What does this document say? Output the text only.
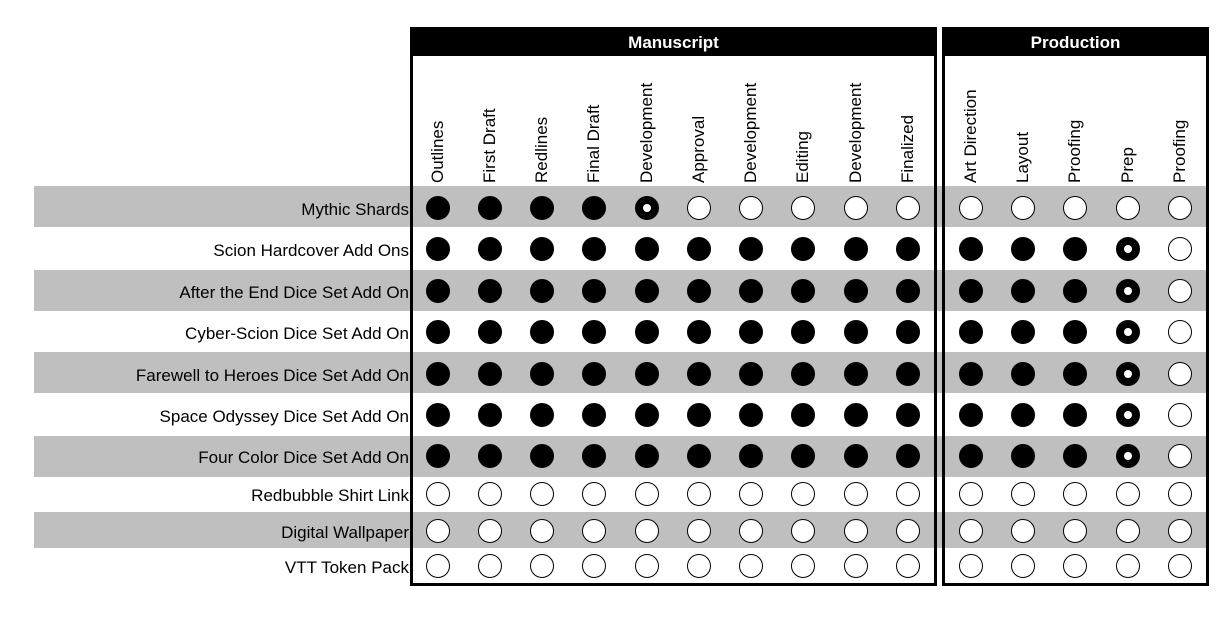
Manuscript	Production
Outlines First Draft Redlines Final Draft Development Approval Development Editing Development Finalized	Art Direction Layout Proofing Prep Proofing
Mythic Shards
Scion Hardcover Add Ons
After the End Dice Set Add On
Cyber-Scion Dice Set Add On
Farewell to Heroes Dice Set Add On
Space Odyssey Dice Set Add On
Four Color Dice Set Add On
Redbubble Shirt Link
Digital Wallpaper
VTT Token Pack
